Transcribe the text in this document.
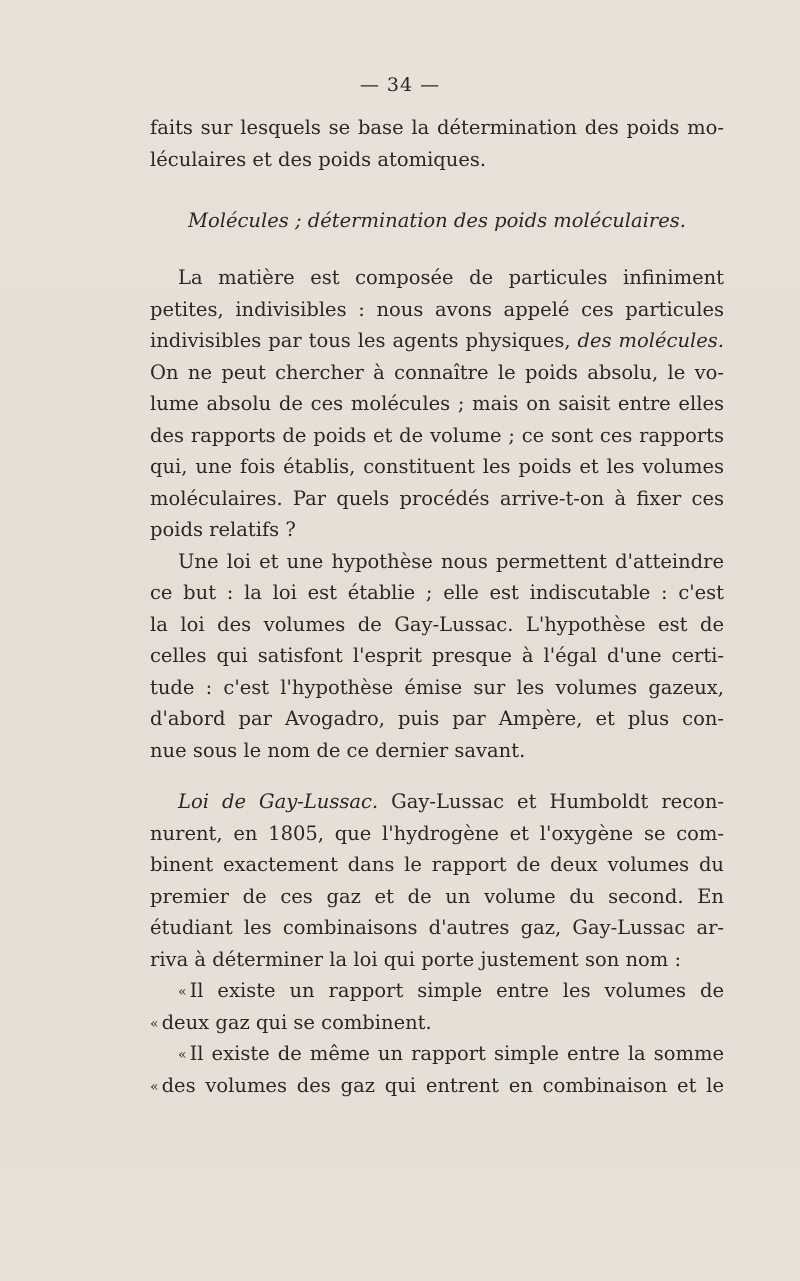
— 34 —
faits sur lesquels se base la détermination des poids mo-
léculaires et des poids atomiques.
Molécules ; détermination des poids moléculaires.
La matière est composée de particules infiniment
petites, indivisibles : nous avons appelé ces particules
indivisibles par tous les agents physiques, des molécules.
On ne peut chercher à connaître le poids absolu, le vo-
lume absolu de ces molécules ; mais on saisit entre elles
des rapports de poids et de volume ; ce sont ces rapports
qui, une fois établis, constituent les poids et les volumes
moléculaires. Par quels procédés arrive-t-on à fixer ces
poids relatifs ?
Une loi et une hypothèse nous permettent d'atteindre
ce but : la loi est établie ; elle est indiscutable : c'est
la loi des volumes de Gay-Lussac. L'hypothèse est de
celles qui satisfont l'esprit presque à l'égal d'une certi-
tude : c'est l'hypothèse émise sur les volumes gazeux,
d'abord par Avogadro, puis par Ampère, et plus con-
nue sous le nom de ce dernier savant.
Loi de Gay-Lussac. Gay-Lussac et Humboldt recon-
nurent, en 1805, que l'hydrogène et l'oxygène se com-
binent exactement dans le rapport de deux volumes du
premier de ces gaz et de un volume du second. En
étudiant les combinaisons d'autres gaz, Gay-Lussac ar-
riva à déterminer la loi qui porte justement son nom :
« Il existe un rapport simple entre les volumes de
« deux gaz qui se combinent.
« Il existe de même un rapport simple entre la somme
« des volumes des gaz qui entrent en combinaison et le
